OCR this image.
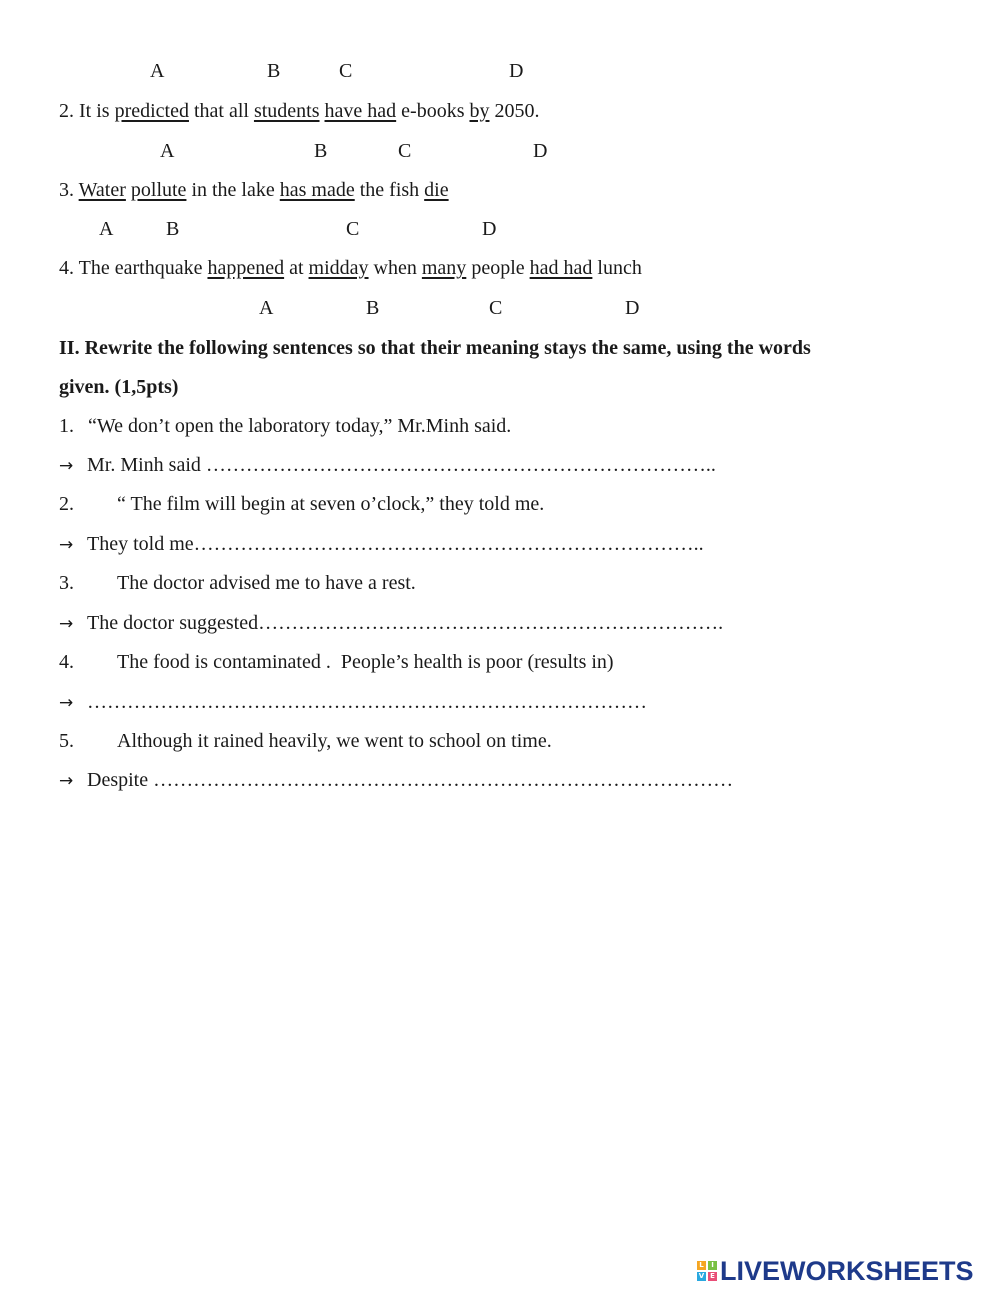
A	B	C	D
2. It is predicted that all students have had e-books by 2050.
A	B	C	D
3. Water pollute in the lake has made the fish die
A	B	C	D
4. The earthquake happened at midday when many people had had lunch
A	B	C	D
II. Rewrite the following sentences so that their meaning stays the same, using the words
given. (1,5pts)
1. “We don’t open the laboratory today,” Mr.Minh said.
→ Mr. Minh said …………………………………………………………………..
2. “ The film will begin at seven o’clock,” they told me.
→ They told me…………………………………………………………………..
3. The doctor advised me to have a rest.
→ The doctor suggested…………………………………………………………….
4. The food is contaminated .  People’s health is poor (results in)
→ …………………………………………………………………………
5. Although it rained heavily, we went to school on time.
→ Despite ……………………………………………………………………………
L	I
V E LIVEWORKSHEETS
